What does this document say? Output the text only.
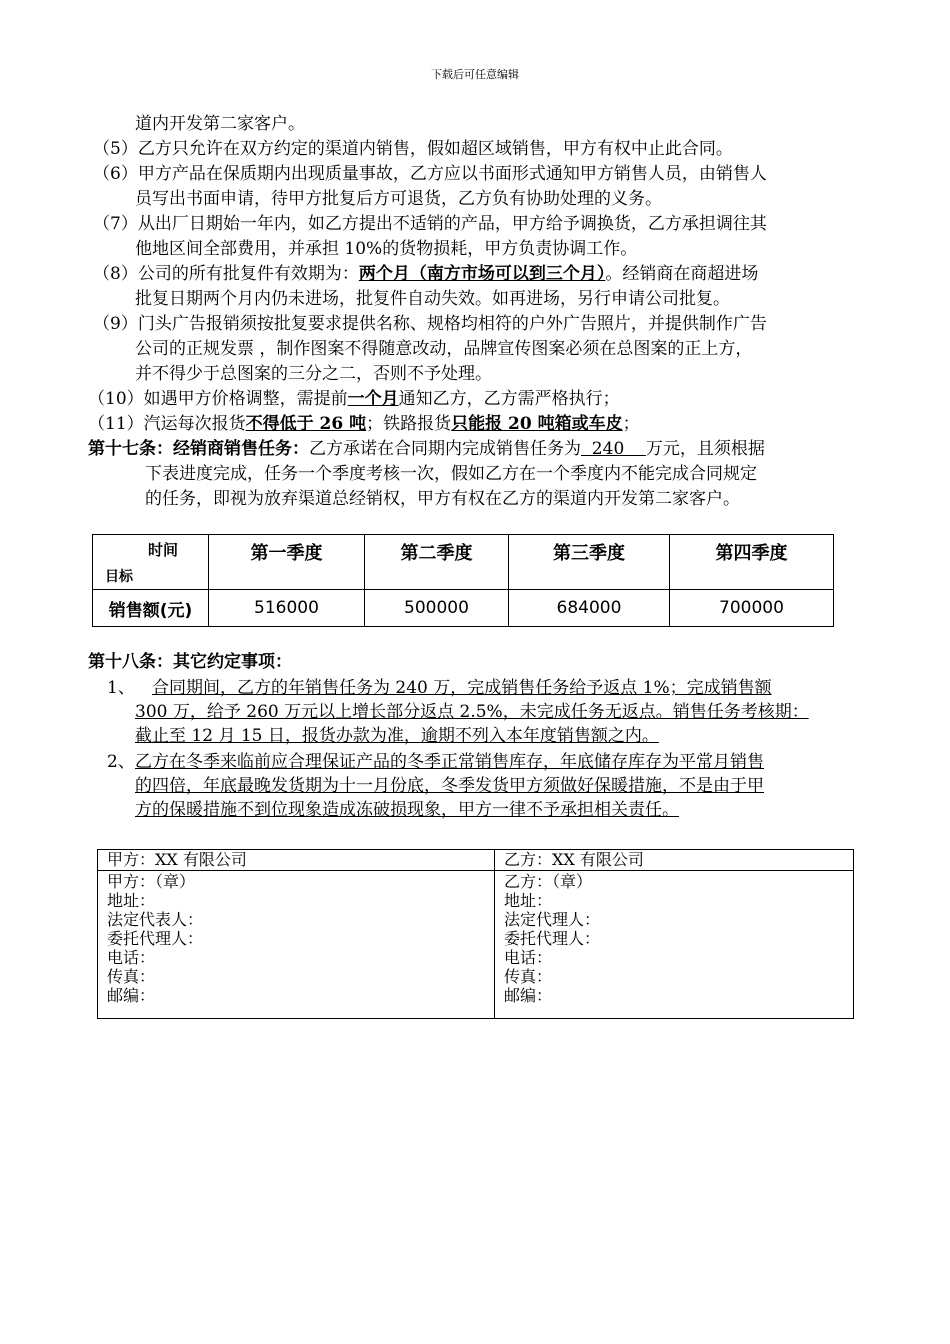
下载后可任意编辑
道内开发第二家客户。
（5）乙方只允许在双方约定的渠道内销售，假如超区域销售，甲方有权中止此合同。
（6）甲方产品在保质期内出现质量事故，乙方应以书面形式通知甲方销售人员，由销售人
员写出书面申请，待甲方批复后方可退货，乙方负有协助处理的义务。
（7）从出厂日期始一年内，如乙方提出不适销的产品，甲方给予调换货，乙方承担调往其
他地区间全部费用，并承担 10%的货物损耗，甲方负责协调工作。
（8）公司的所有批复件有效期为：两个月（南方市场可以到三个月）。经销商在商超进场
批复日期两个月内仍未进场，批复件自动失效。如再进场，另行申请公司批复。
（9）门头广告报销须按批复要求提供名称、规格均相符的户外广告照片，并提供制作广告
公司的正规发票 ，制作图案不得随意改动，品牌宣传图案必须在总图案的正上方，
并不得少于总图案的三分之二，否则不予处理。
（10）如遇甲方价格调整，需提前一个月通知乙方，乙方需严格执行；
（11）汽运每次报货不得低于 26 吨；铁路报货只能报 20 吨箱或车皮；
第十七条：经销商销售任务：乙方承诺在合同期内完成销售任务为  240    万元，且须根据
下表进度完成，任务一个季度考核一次，假如乙方在一个季度内不能完成合同规定
的任务，即视为放弃渠道总经销权，甲方有权在乙方的渠道内开发第二家客户。
时间
目标	第一季度	第二季度	第三季度	第四季度
销售额(元)	516000	500000	684000	700000
第十八条：其它约定事项：
1、 合同期间，乙方的年销售任务为 240 万，完成销售任务给予返点 1%；完成销售额
300 万，给予 260 万元以上增长部分返点 2.5%，未完成任务无返点。销售任务考核期：
截止至 12 月 15 日，报货办款为准，逾期不列入本年度销售额之内。
2、 乙方在冬季来临前应合理保证产品的冬季正常销售库存，年底储存库存为平常月销售
的四倍，年底最晚发货期为十一月份底，冬季发货甲方须做好保暖措施，不是由于甲
方的保暖措施不到位现象造成冻破损现象，甲方一律不予承担相关责任。
甲方：XX 有限公司	乙方：XX 有限公司
甲方：（章）
地址：
法定代表人：
委托代理人：
电话：
传真：
邮编：
乙方：（章）
地址：
法定代理人：
委托代理人：
电话：
传真：
邮编：
